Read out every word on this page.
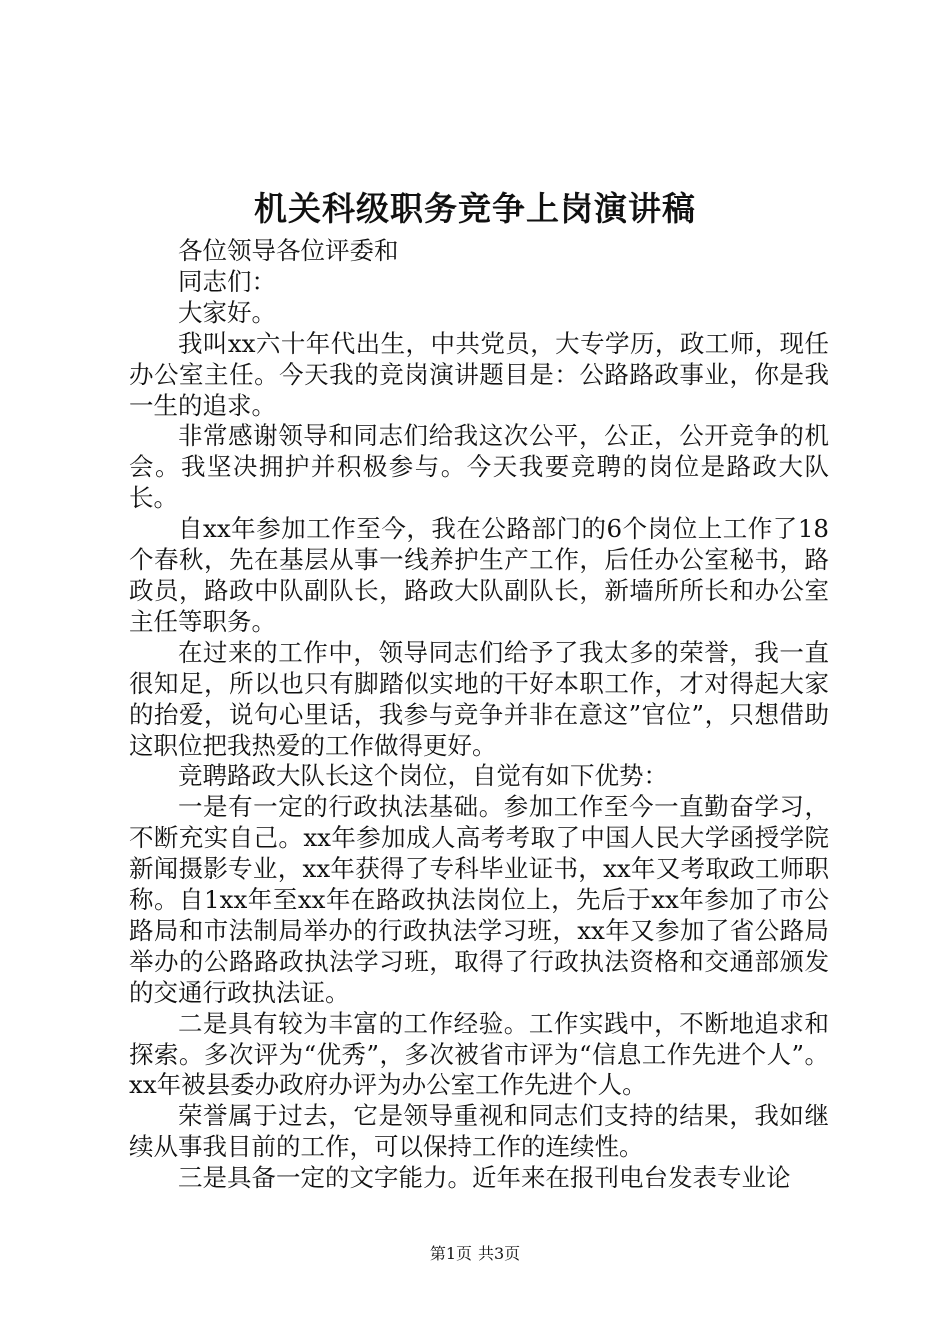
机关科级职务竞争上岗演讲稿

各位领导各位评委和

同志们：

大家好。

我叫xx六十年代出生，中共党员，大专学历，政工师，现任办公室主任。今天我的竞岗演讲题目是：公路路政事业，你是我一生的追求。

非常感谢领导和同志们给我这次公平，公正，公开竞争的机会。我坚决拥护并积极参与。今天我要竞聘的岗位是路政大队长。

自xx年参加工作至今，我在公路部门的6个岗位上工作了18个春秋，先在基层从事一线养护生产工作，后任办公室秘书，路政员，路政中队副队长，路政大队副队长，新墙所所长和办公室主任等职务。

在过来的工作中，领导同志们给予了我太多的荣誉，我一直很知足，所以也只有脚踏似实地的干好本职工作，才对得起大家的抬爱，说句心里话，我参与竞争并非在意这”官位”，只想借助这职位把我热爱的工作做得更好。

竞聘路政大队长这个岗位，自觉有如下优势：

一是有一定的行政执法基础。参加工作至今一直勤奋学习，不断充实自己。xx年参加成人高考考取了中国人民大学函授学院新闻摄影专业，xx年获得了专科毕业证书，xx年又考取政工师职称。自1xx年至xx年在路政执法岗位上，先后于xx年参加了市公路局和市法制局举办的行政执法学习班，xx年又参加了省公路局举办的公路路政执法学习班，取得了行政执法资格和交通部颁发的交通行政执法证。

二是具有较为丰富的工作经验。工作实践中，不断地追求和探索。多次评为“优秀”，多次被省市评为“信息工作先进个人”。xx年被县委办政府办评为办公室工作先进个人。

荣誉属于过去，它是领导重视和同志们支持的结果，我如继续从事我目前的工作，可以保持工作的连续性。

三是具备一定的文字能力。近年来在报刊电台发表专业论

第1页 共3页
